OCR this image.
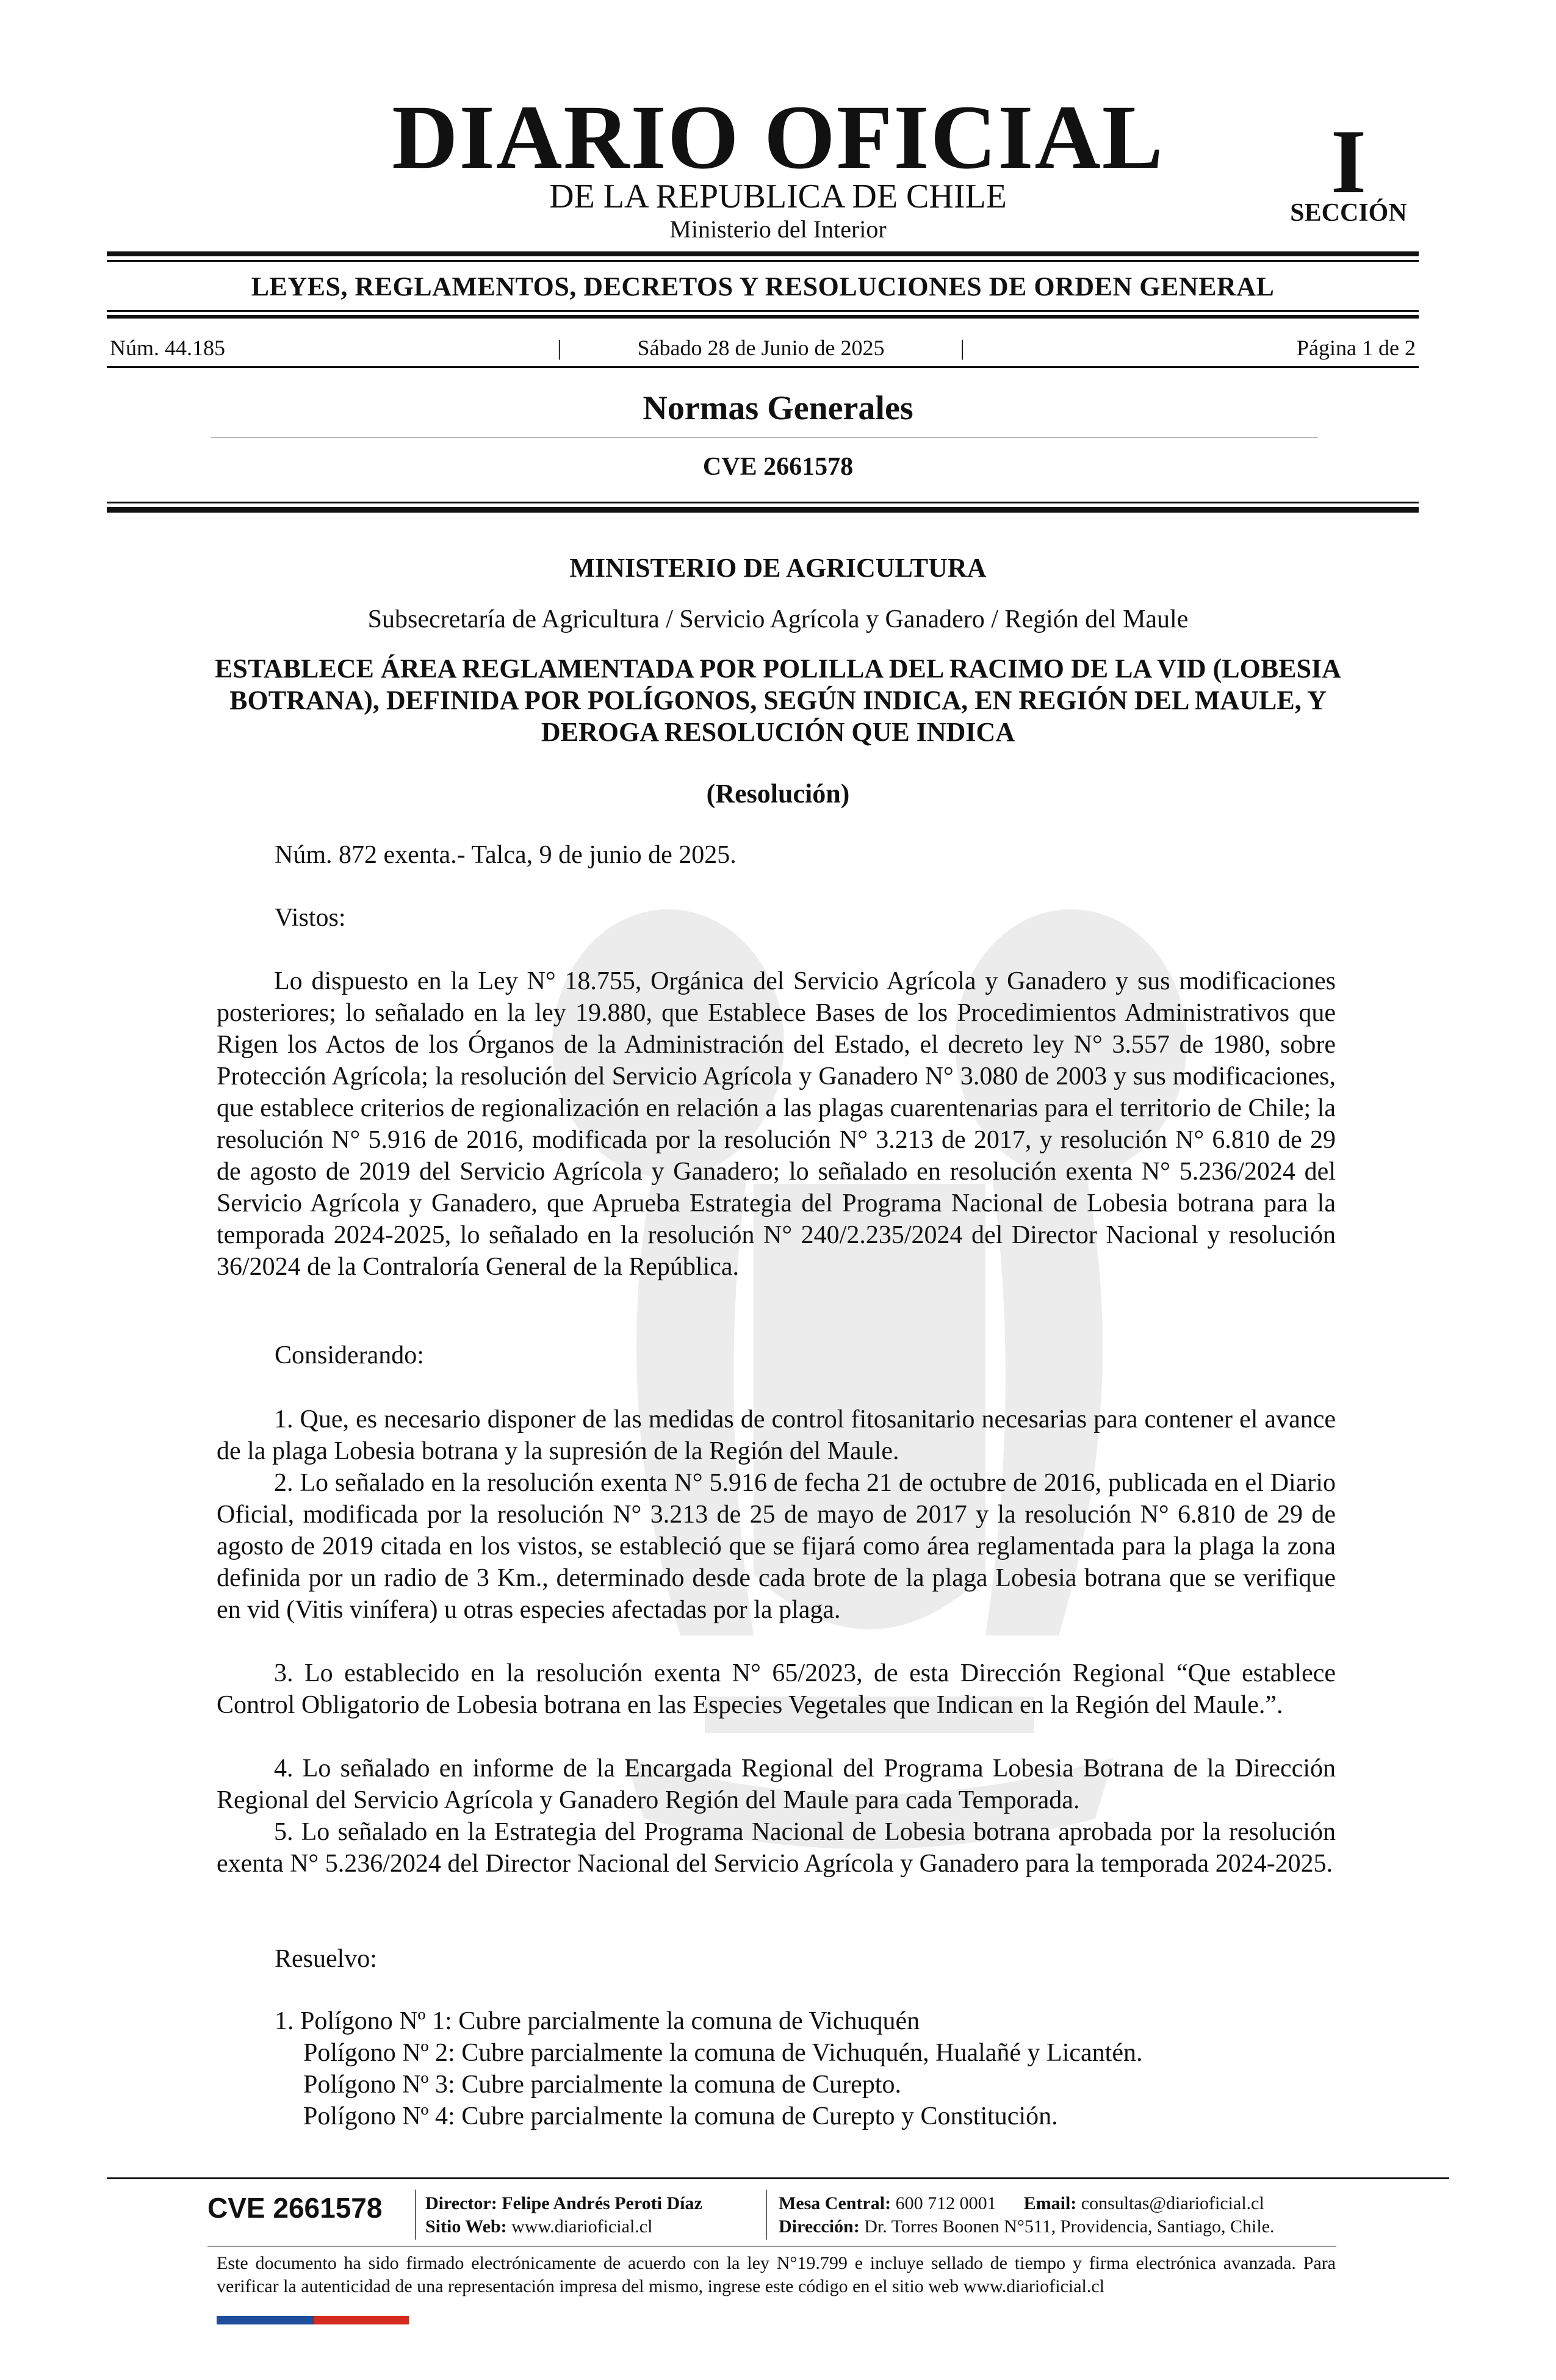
DIARIO OFICIAL
DE LA REPUBLICA DE CHILE
Ministerio del Interior
I
SECCIÓN
LEYES, REGLAMENTOS, DECRETOS Y RESOLUCIONES DE ORDEN GENERAL
Núm. 44.185	|	Sábado 28 de Junio de 2025	|	Página 1 de 2
Normas Generales
CVE 2661578
MINISTERIO DE AGRICULTURA
Subsecretaría de Agricultura / Servicio Agrícola y Ganadero / Región del Maule
ESTABLECE ÁREA REGLAMENTADA POR POLILLA DEL RACIMO DE LA VID (LOBESIA BOTRANA), DEFINIDA POR POLÍGONOS, SEGÚN INDICA, EN REGIÓN DEL MAULE, Y DEROGA RESOLUCIÓN QUE INDICA
(Resolución)
Núm. 872 exenta.- Talca, 9 de junio de 2025.
Vistos:
Lo dispuesto en la Ley N° 18.755, Orgánica del Servicio Agrícola y Ganadero y sus modificaciones posteriores; lo señalado en la ley 19.880, que Establece Bases de los Procedimientos Administrativos que Rigen los Actos de los Órganos de la Administración del Estado, el decreto ley N° 3.557 de 1980, sobre Protección Agrícola; la resolución del Servicio Agrícola y Ganadero N° 3.080 de 2003 y sus modificaciones, que establece criterios de regionalización en relación a las plagas cuarentenarias para el territorio de Chile; la resolución N° 5.916 de 2016, modificada por la resolución N° 3.213 de 2017, y resolución N° 6.810 de 29 de agosto de 2019 del Servicio Agrícola y Ganadero; lo señalado en resolución exenta N° 5.236/2024 del Servicio Agrícola y Ganadero, que Aprueba Estrategia del Programa Nacional de Lobesia botrana para la temporada 2024-2025, lo señalado en la resolución N° 240/2.235/2024 del Director Nacional y resolución 36/2024 de la Contraloría General de la República.
Considerando:
1. Que, es necesario disponer de las medidas de control fitosanitario necesarias para contener el avance de la plaga Lobesia botrana y la supresión de la Región del Maule.
2. Lo señalado en la resolución exenta N° 5.916 de fecha 21 de octubre de 2016, publicada en el Diario Oficial, modificada por la resolución N° 3.213 de 25 de mayo de 2017 y la resolución N° 6.810 de 29 de agosto de 2019 citada en los vistos, se estableció que se fijará como área reglamentada para la plaga la zona definida por un radio de 3 Km., determinado desde cada brote de la plaga Lobesia botrana que se verifique en vid (Vitis vinífera) u otras especies afectadas por la plaga.
3. Lo establecido en la resolución exenta N° 65/2023, de esta Dirección Regional “Que establece Control Obligatorio de Lobesia botrana en las Especies Vegetales que Indican en la Región del Maule.”.
4. Lo señalado en informe de la Encargada Regional del Programa Lobesia Botrana de la Dirección Regional del Servicio Agrícola y Ganadero Región del Maule para cada Temporada.
5. Lo señalado en la Estrategia del Programa Nacional de Lobesia botrana aprobada por la resolución exenta N° 5.236/2024 del Director Nacional del Servicio Agrícola y Ganadero para la temporada 2024-2025.
Resuelvo:
1. Polígono Nº 1: Cubre parcialmente la comuna de Vichuquén
Polígono Nº 2: Cubre parcialmente la comuna de Vichuquén, Hualañé y Licantén.
Polígono Nº 3: Cubre parcialmente la comuna de Curepto.
Polígono Nº 4: Cubre parcialmente la comuna de Curepto y Constitución.
CVE 2661578 Director: Felipe Andrés Peroti Díaz
Sitio Web: www.diarioficial.cl
Mesa Central: 600 712 0001 Email: consultas@diarioficial.cl
Dirección: Dr. Torres Boonen N°511, Providencia, Santiago, Chile.
Este documento ha sido firmado electrónicamente de acuerdo con la ley N°19.799 e incluye sellado de tiempo y firma electrónica avanzada. Para verificar la autenticidad de una representación impresa del mismo, ingrese este código en el sitio web www.diarioficial.cl
